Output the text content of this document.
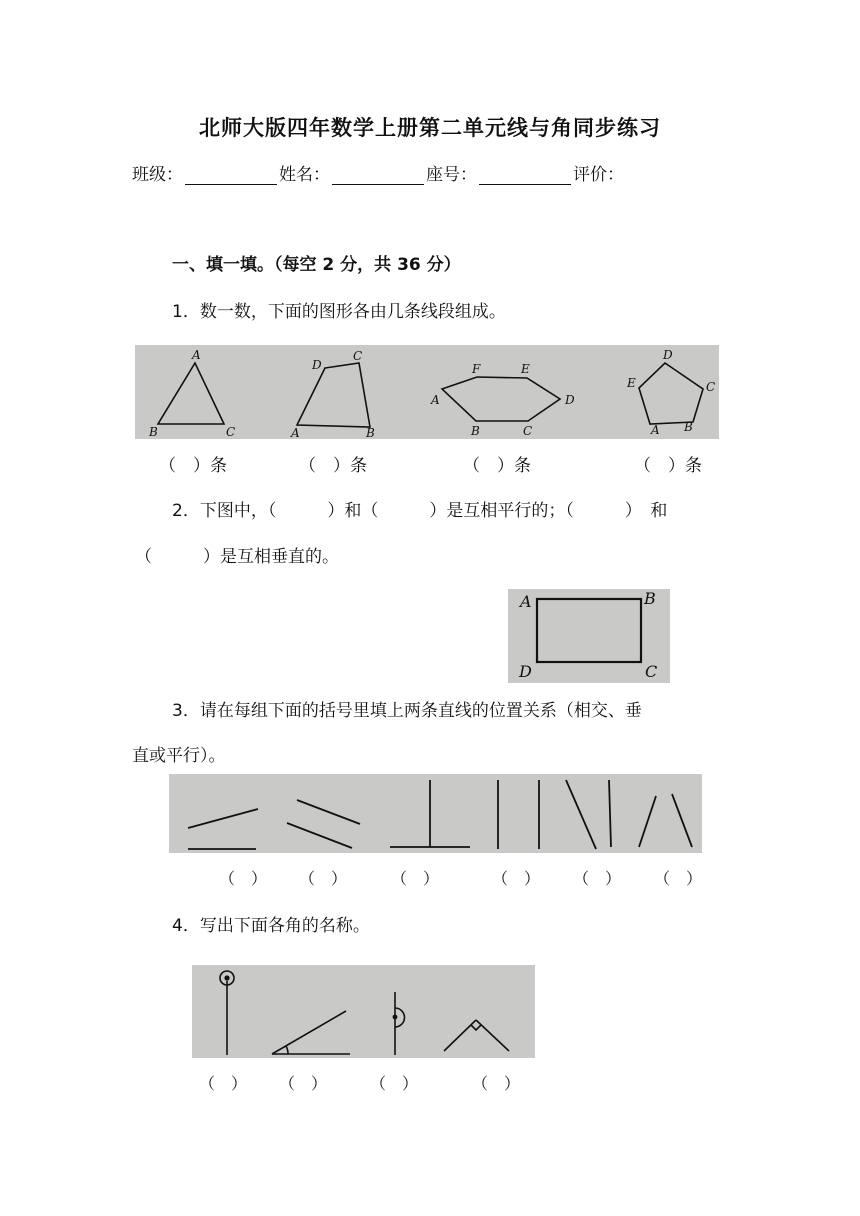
北师大版四年数学上册第二单元线与角同步练习
班级：	姓名：	座号：	评价：
一、填一填。（每空 2 分，共 36 分）
1．数一数，下面的图形各由几条线段组成。
A
B	C
D
C
A	B
F	E
A	D
B	C
D
E	C
A B
（　）条	（　）条	（　）条	（　）条
2．下图中，（　　　）和（　　　）是互相平行的；（　　　）　和
（　　　）是互相垂直的。
A	B
D	C
3．请在每组下面的括号里填上两条直线的位置关系（相交、垂
直或平行）。
（　） （　）	（　）	（　） （　） （　）
4．写出下面各角的名称。
（　） （　）	（　）	（　）
